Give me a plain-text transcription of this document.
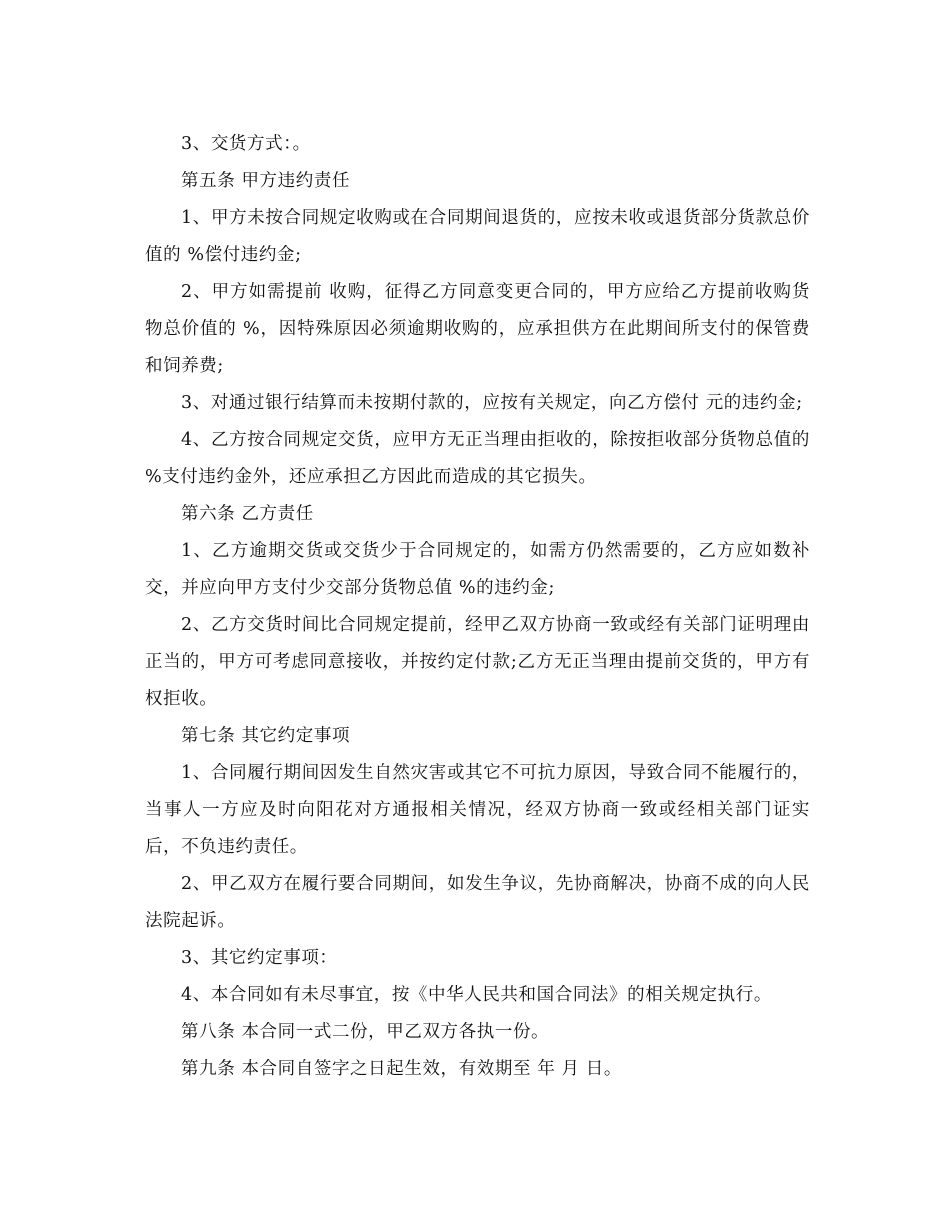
3、交货方式：。

第五条 甲方违约责任

1、甲方未按合同规定收购或在合同期间退货的，应按未收或退货部分货款总价值的 %偿付违约金;

2、甲方如需提前 收购，征得乙方同意变更合同的，甲方应给乙方提前收购货物总价值的 %，因特殊原因必须逾期收购的，应承担供方在此期间所支付的保管费和饲养费;

3、对通过银行结算而未按期付款的，应按有关规定，向乙方偿付 元的违约金;

4、乙方按合同规定交货，应甲方无正当理由拒收的，除按拒收部分货物总值的 %支付违约金外，还应承担乙方因此而造成的其它损失。

第六条 乙方责任

1、乙方逾期交货或交货少于合同规定的，如需方仍然需要的，乙方应如数补交，并应向甲方支付少交部分货物总值 %的违约金;

2、乙方交货时间比合同规定提前，经甲乙双方协商一致或经有关部门证明理由正当的，甲方可考虑同意接收，并按约定付款;乙方无正当理由提前交货的，甲方有权拒收。

第七条 其它约定事项

1、合同履行期间因发生自然灾害或其它不可抗力原因，导致合同不能履行的，当事人一方应及时向阳花对方通报相关情况，经双方协商一致或经相关部门证实后，不负违约责任。

2、甲乙双方在履行要合同期间，如发生争议，先协商解决，协商不成的向人民法院起诉。

3、其它约定事项：

4、本合同如有未尽事宜，按《中华人民共和国合同法》的相关规定执行。

第八条 本合同一式二份，甲乙双方各执一份。

第九条 本合同自签字之日起生效，有效期至 年 月 日。
